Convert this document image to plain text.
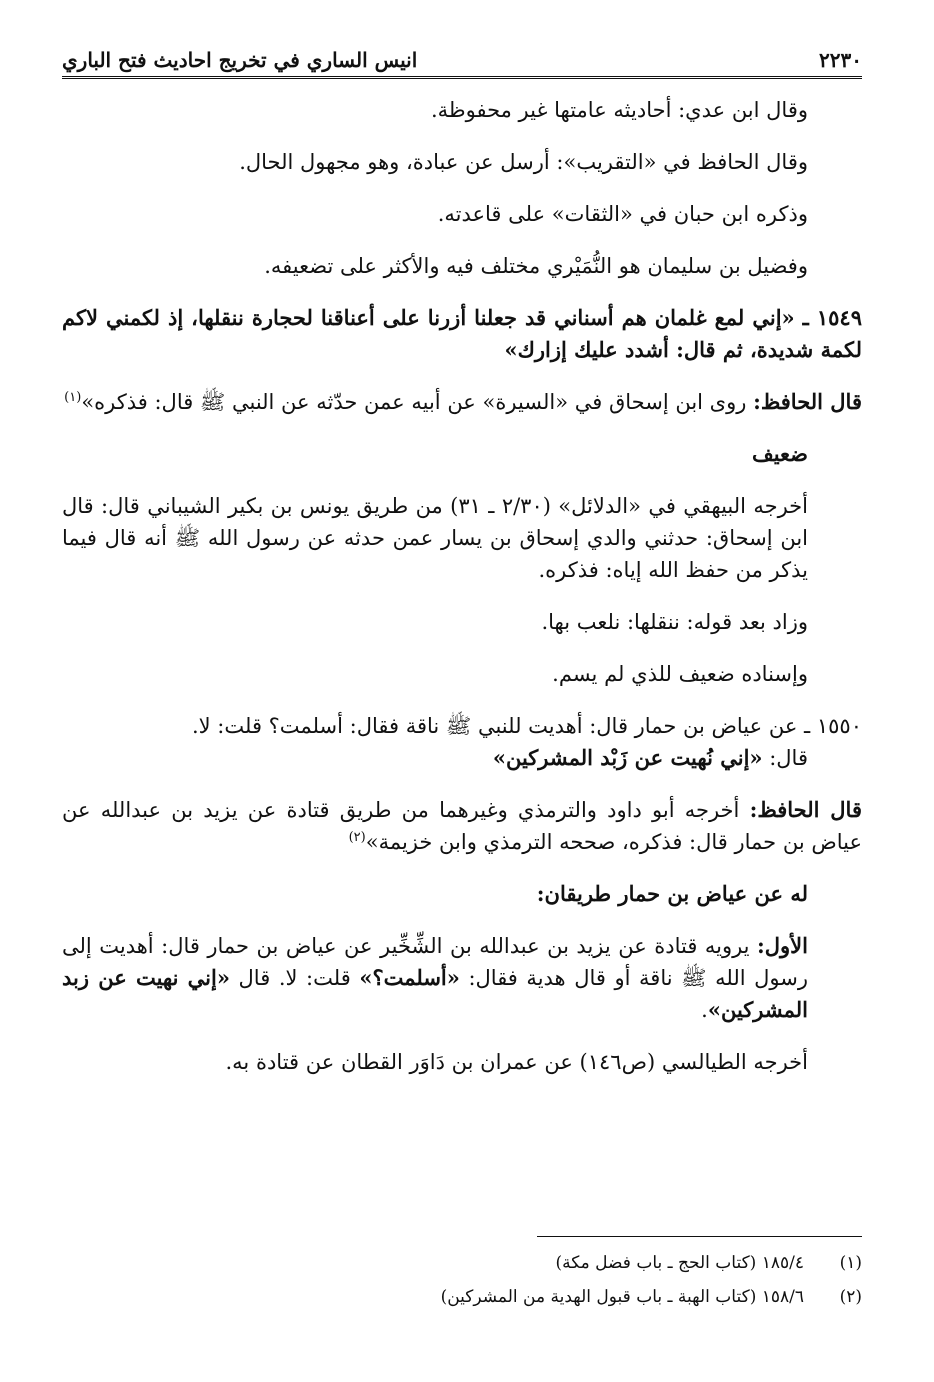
٢٢٣٠
انيس الساري في تخريج احاديث فتح الباري

وقال ابن عدي: أحاديثه عامتها غير محفوظة.

وقال الحافظ في «التقريب»: أرسل عن عبادة، وهو مجهول الحال.

وذكره ابن حبان في «الثقات» على قاعدته.

وفضيل بن سليمان هو النُّمَيْري مختلف فيه والأكثر على تضعيفه.

١٥٤٩ ـ «إني لمع غلمان هم أسناني قد جعلنا أزرنا على أعناقنا لحجارة ننقلها، إذ لكمني لاكم لكمة شديدة، ثم قال: أشدد عليك إزارك»

قال الحافظ: روى ابن إسحاق في «السيرة» عن أبيه عمن حدّثه عن النبي ﷺ قال: فذكره»$^{(١)}$

ضعيف

أخرجه البيهقي في «الدلائل» (٢/٣٠ ـ ٣١) من طريق يونس بن بكير الشيباني قال: قال ابن إسحاق: حدثني والدي إسحاق بن يسار عمن حدثه عن رسول الله ﷺ أنه قال فيما يذكر من حفظ الله إياه: فذكره.

وزاد بعد قوله: ننقلها: نلعب بها.

وإسناده ضعيف للذي لم يسم.

١٥٥٠ ـ عن عياض بن حمار قال: أهديت للنبي ﷺ ناقة فقال: أسلمت؟ قلت: لا.
قال: «إني نُهيت عن زَبْد المشركين»

قال الحافظ: أخرجه أبو داود والترمذي وغيرهما من طريق قتادة عن يزيد بن عبدالله عن عياض بن حمار قال: فذكره، صححه الترمذي وابن خزيمة»$^{(٢)}$

له عن عياض بن حمار طريقان:

الأول: يرويه قتادة عن يزيد بن عبدالله بن الشِّخِّير عن عياض بن حمار قال: أهديت إلى رسول الله ﷺ ناقة أو قال هدية فقال: «أسلمت؟» قلت: لا. قال «إني نهيت عن زبد المشركين».

أخرجه الطيالسي (ص١٤٦) عن عمران بن دَاوَر القطان عن قتادة به.

(١)
١٨٥/٤ (كتاب الحج ـ باب فضل مكة)
(٢)
١٥٨/٦ (كتاب الهبة ـ باب قبول الهدية من المشركين)
